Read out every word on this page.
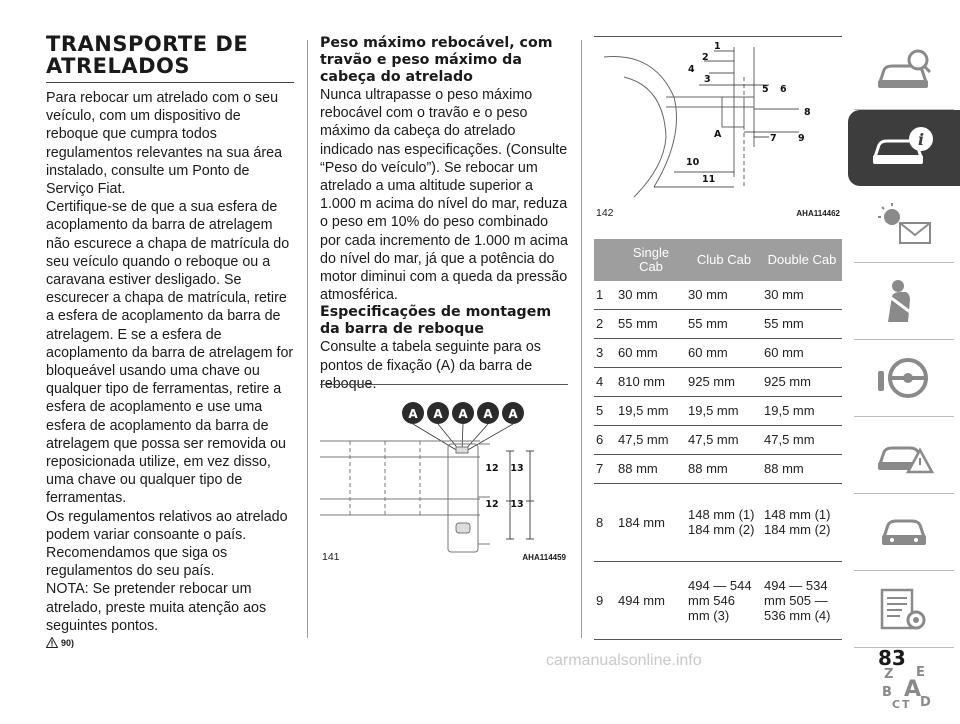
TRANSPORTE DE
ATRELADOS

Para rebocar um atrelado com o seu veículo, com um dispositivo de reboque que cumpra todos regulamentos relevantes na sua área instalado, consulte um Ponto de Serviço Fiat.

Certifique-se de que a sua esfera de acoplamento da barra de atrelagem não escurece a chapa de matrícula do seu veículo quando o reboque ou a caravana estiver desligado. Se escurecer a chapa de matrícula, retire a esfera de acoplamento da barra de atrelagem. E se a esfera de acoplamento da barra de atrelagem for bloqueável usando uma chave ou qualquer tipo de ferramentas, retire a esfera de acoplamento e use uma esfera de acoplamento da barra de atrelagem que possa ser removida ou reposicionada utilize, em vez disso, uma chave ou qualquer tipo de ferramentas.

Os regulamentos relativos ao atrelado podem variar consoante o país. Recomendamos que siga os regulamentos do seu país.

NOTA: Se pretender rebocar um atrelado, preste muita atenção aos seguintes pontos.

90)

Peso máximo rebocável, com travão e peso máximo da cabeça do atrelado

Nunca ultrapasse o peso máximo rebocável com o travão e o peso máximo da cabeça do atrelado indicado nas especificações. (Consulte “Peso do veículo”). Se rebocar um atrelado a uma altitude superior a 1.000 m acima do nível do mar, reduza o peso em 10% do peso combinado por cada incremento de 1.000 m acima do nível do mar, já que a potência do motor diminui com a queda da pressão atmosférica.

Especificações de montagem da barra de reboque

Consulte a tabela seguinte para os pontos de fixação (A) da barra de reboque.

A A A A A
12 13
12 13
141	AHA114459
1
2
3
4
5 6
7
8
9
10
11
A
142	AHA114462
	Single Cab	Club Cab	Double Cab
1	30 mm	30 mm	30 mm
2	55 mm	55 mm	55 mm
3	60 mm	60 mm	60 mm
4	810 mm	925 mm	925 mm
5	19,5 mm	19,5 mm	19,5 mm
6	47,5 mm	47,5 mm	47,5 mm
7	88 mm	88 mm	88 mm
8	184 mm	148 mm (1) 184 mm (2)	148 mm (1) 184 mm (2)
9	494 mm	494 — 544 mm 546 mm (3)	494 — 534 mm 505 — 536 mm (4)
i
Z E
B A
C T D
83
carmanualsonline.info
